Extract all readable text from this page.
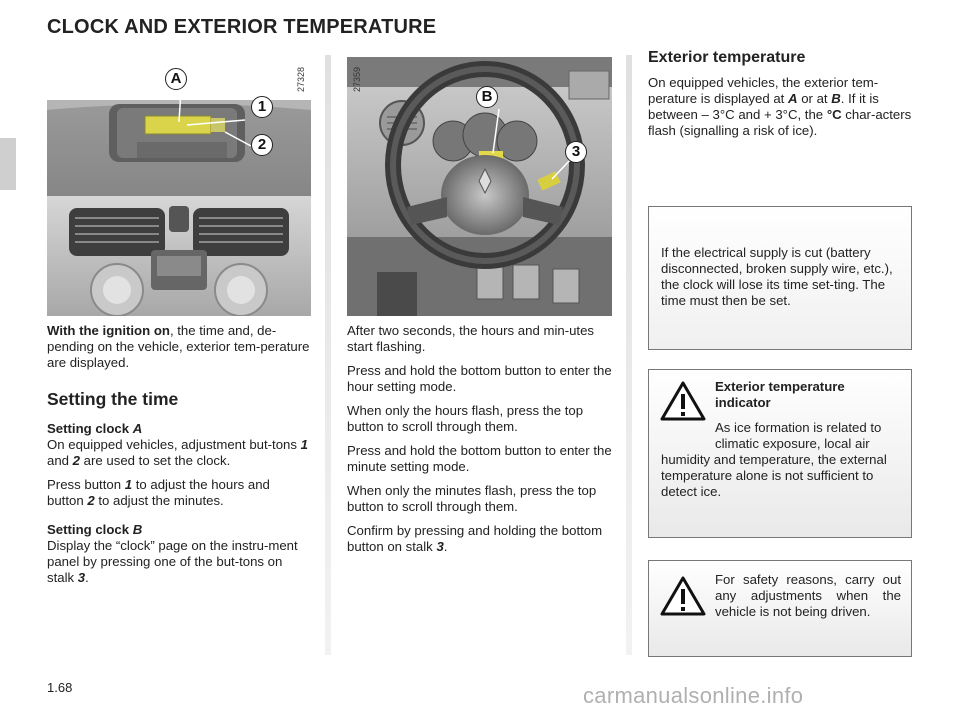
CLOCK AND EXTERIOR TEMPERATURE
27328
A
1
2
27359
B
3

With the ignition on, the time and, de-pending on the vehicle, exterior tem-perature are displayed.

Setting the time

Setting clock A
On equipped vehicles, adjustment but-tons 1 and 2 are used to set the clock.

Press button 1 to adjust the hours and button 2 to adjust the minutes.

Setting clock B
Display the “clock” page on the instru-ment panel by pressing one of the but-tons on stalk 3.

After two seconds, the hours and min-utes start flashing.

Press and hold the bottom button to enter the hour setting mode.

When only the hours flash, press the top button to scroll through them.

Press and hold the bottom button to enter the minute setting mode.

When only the minutes flash, press the top button to scroll through them.

Confirm by pressing and holding the bottom button on stalk 3.

Exterior temperature

On equipped vehicles, the exterior tem-perature is displayed at A or at B. If it is between – 3°C and + 3°C, the °C char-acters flash (signalling a risk of ice).

If the electrical supply is cut (battery disconnected, broken supply wire, etc.), the clock will lose its time set-ting. The time must then be set.
Exterior temperature indicator
As ice formation is related to climatic exposure, local air humidity and temperature, the external temperature alone is not sufficient to detect ice.
For safety reasons, carry out any adjustments when the vehicle is not being driven.
1.68	carmanualsonline.info
